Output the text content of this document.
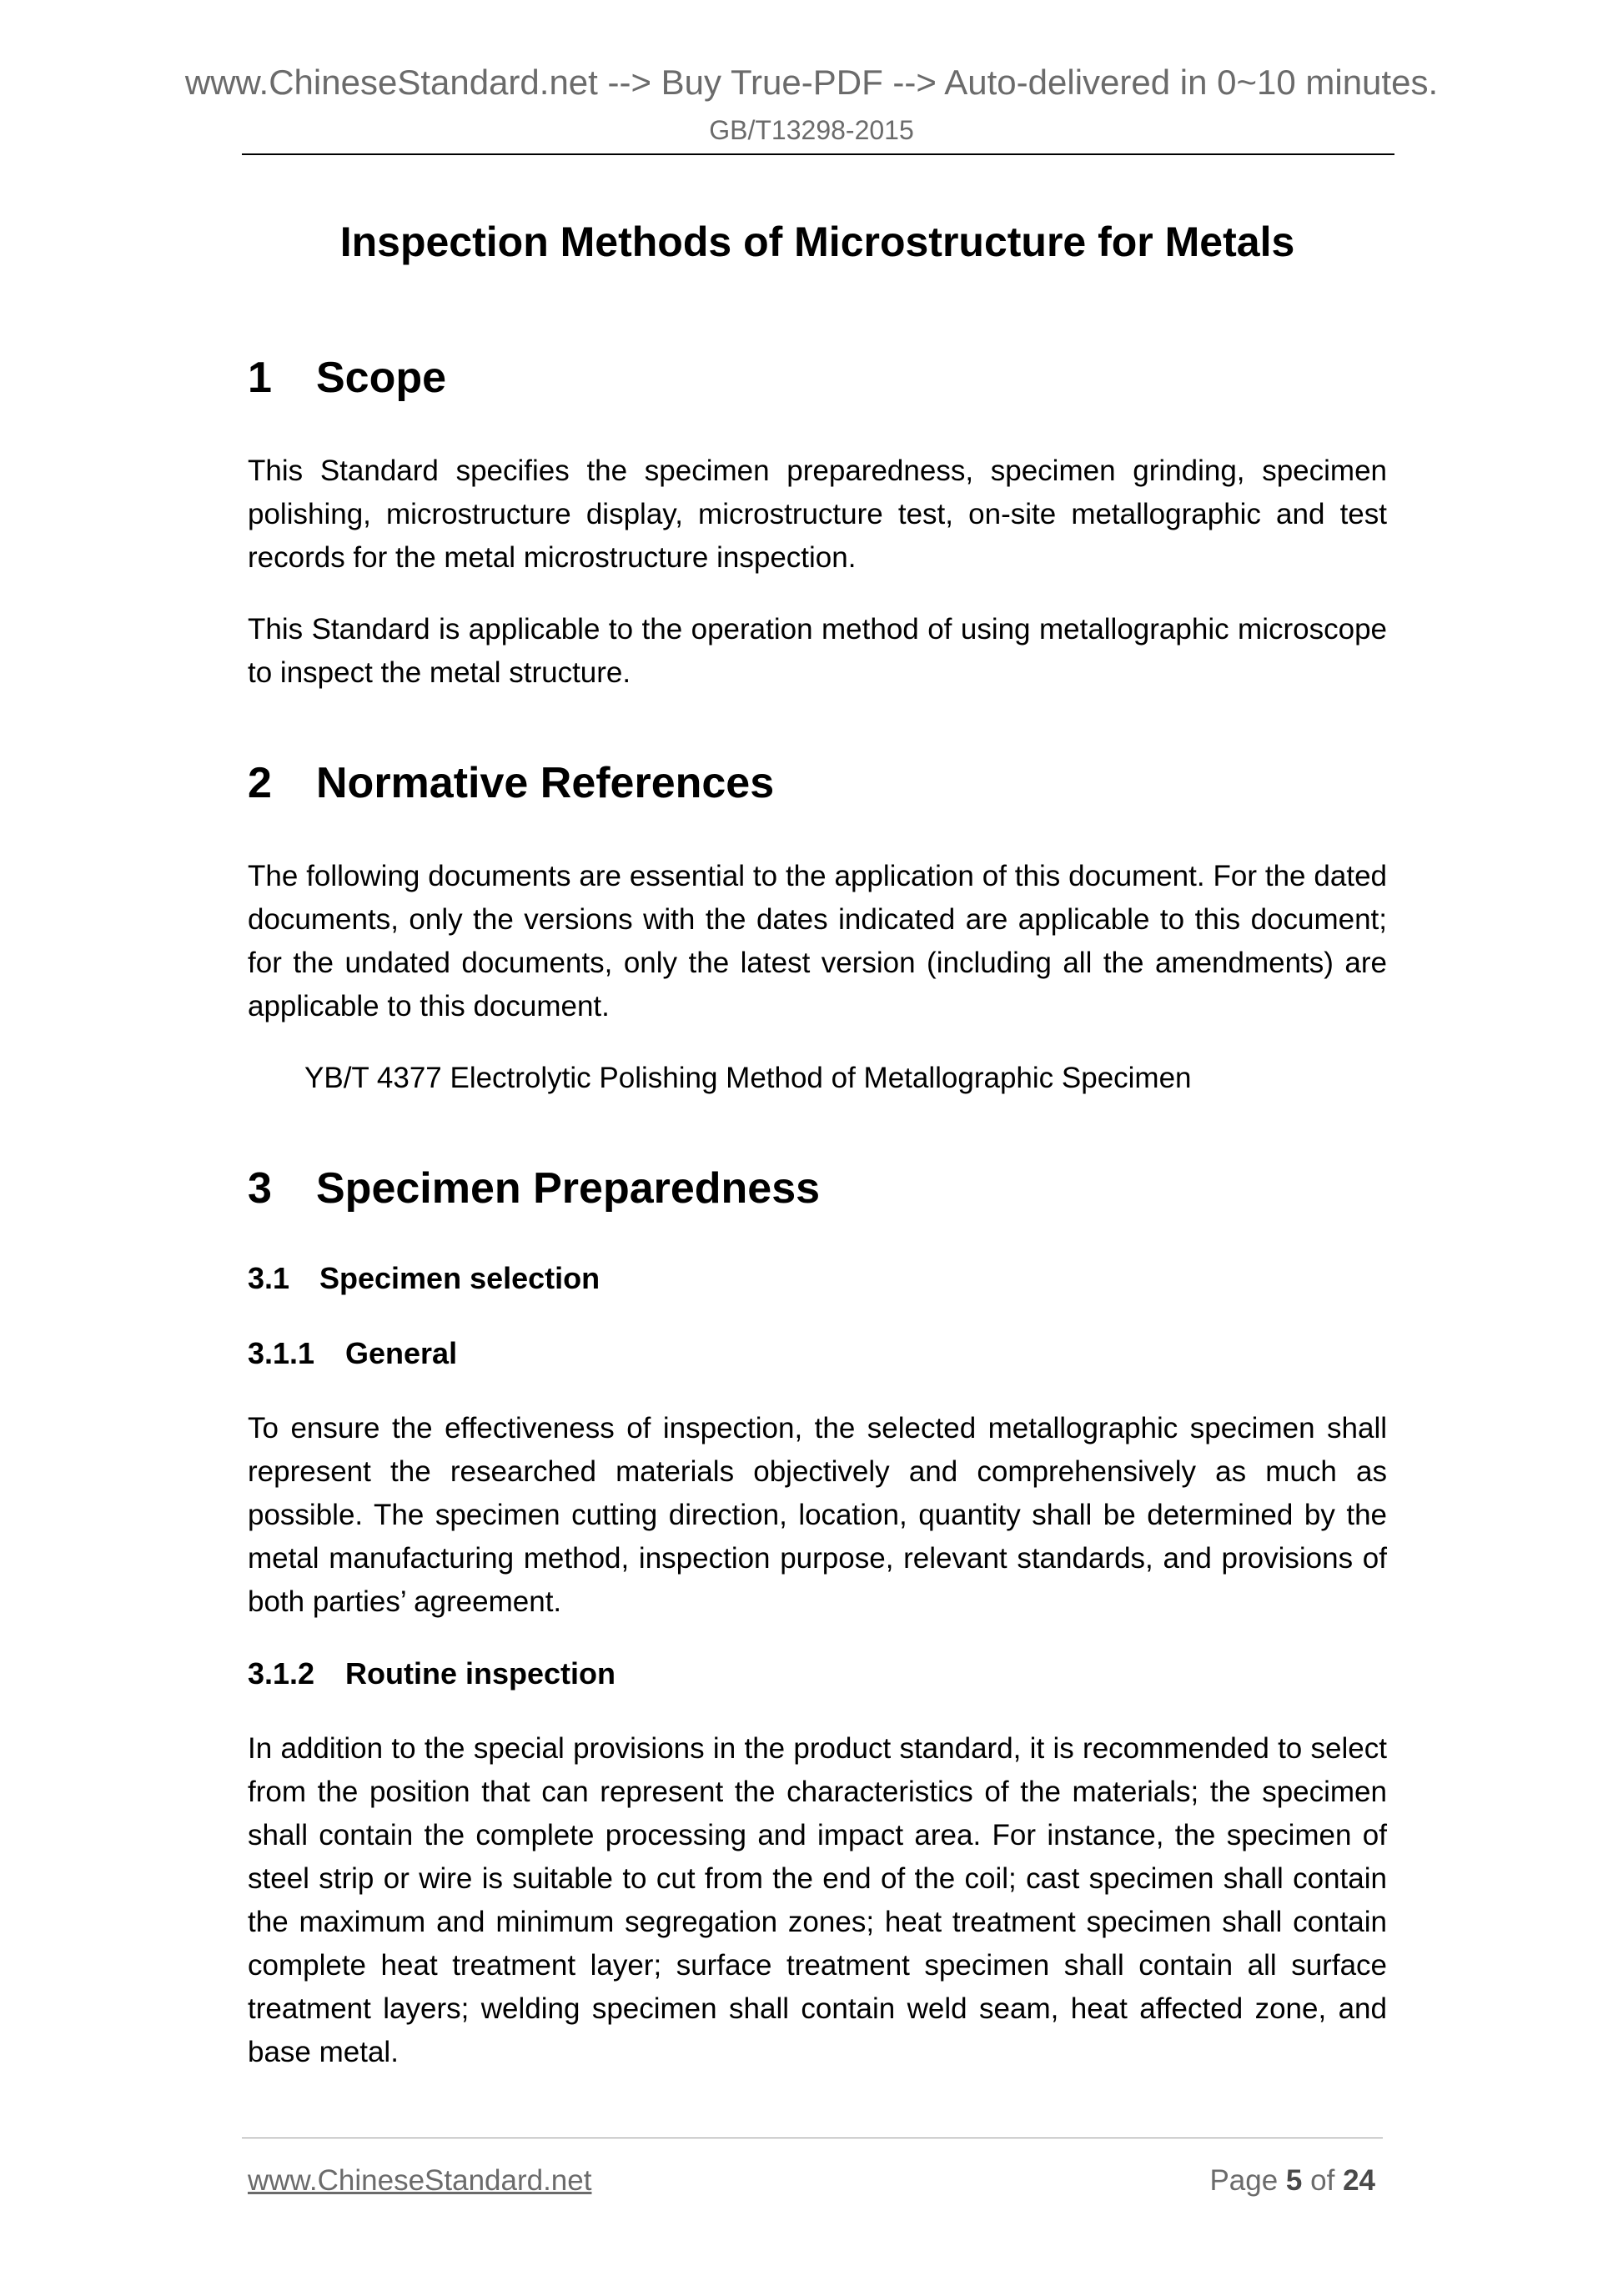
www.ChineseStandard.net --> Buy True-PDF --> Auto-delivered in 0~10 minutes.
GB/T13298-2015
Inspection Methods of Microstructure for Metals
1	Scope

This Standard specifies the specimen preparedness, specimen grinding, specimen polishing, microstructure display, microstructure test, on-site metallographic and test records for the metal microstructure inspection.

This Standard is applicable to the operation method of using metallographic microscope to inspect the metal structure.

2	Normative References

The following documents are essential to the application of this document. For the dated documents, only the versions with the dates indicated are applicable to this document; for the undated documents, only the latest version (including all the amendments) are applicable to this document.

YB/T 4377 Electrolytic Polishing Method of Metallographic Specimen

3	Specimen Preparedness
3.1 Specimen selection
3.1.1	General

To ensure the effectiveness of inspection, the selected metallographic specimen shall represent the researched materials objectively and comprehensively as much as possible. The specimen cutting direction, location, quantity shall be determined by the metal manufacturing method, inspection purpose, relevant standards, and provisions of both parties’ agreement.

3.1.2	Routine inspection

In addition to the special provisions in the product standard, it is recommended to select from the position that can represent the characteristics of the materials; the specimen shall contain the complete processing and impact area. For instance, the specimen of steel strip or wire is suitable to cut from the end of the coil; cast specimen shall contain the maximum and minimum segregation zones; heat treatment specimen shall contain complete heat treatment layer; surface treatment specimen shall contain all surface treatment layers; welding specimen shall contain weld seam, heat affected zone, and base metal.

www.ChineseStandard.net	Page 5 of 24
